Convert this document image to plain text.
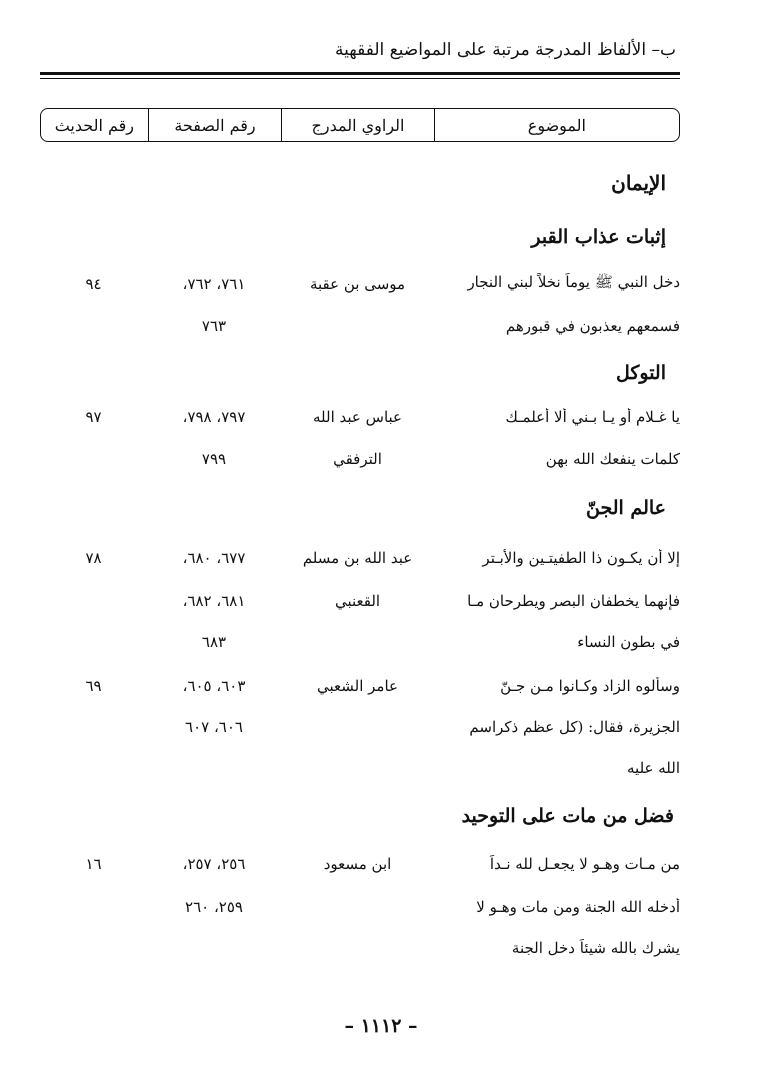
ب– الألفاظ المدرجة مرتبة على المواضيع الفقهية
الموضوع
الراوي المدرج
رقم الصفحة
رقم الحديث
الإيمان
إثبات عذاب القبر
دخل النبي ﷺ يوماً نخلاً لبني النجار
موسى بن عقبة
٧٦١، ٧٦٢،
٩٤
فسمعهم يعذبون في قبورهم
٧٦٣
التوكل
يا غـلام أو يـا بـني ألا أعلمـك
عباس عبد الله
٧٩٧، ٧٩٨،
٩٧
كلمات ينفعك الله بهن
الترفقي
٧٩٩
عالم الجنّ
إلا أن يكـون ذا الطفيتـين والأبـتر
عبد الله بن مسلم
٦٧٧، ٦٨٠،
٧٨
فإنهما يخطفان البصر ويطرحان مـا
القعنبي
٦٨١، ٦٨٢،
في بطون النساء
٦٨٣
وسألوه الزاد وكـانوا مـن جـنّ
عامر الشعبي
٦٠٣، ٦٠٥،
٦٩
الجزيرة، فقال: (كل عظم ذكراسم
٦٠٦، ٦٠٧
الله عليه
فضل من مات على التوحيد
من مـات وهـو لا يجعـل لله نـداً
ابن مسعود
٢٥٦، ٢٥٧،
١٦
أدخله الله الجنة ومن مات وهـو لا
٢٥٩، ٢٦٠
يشرك بالله شيئاً دخل الجنة
– ١١١٢ –
